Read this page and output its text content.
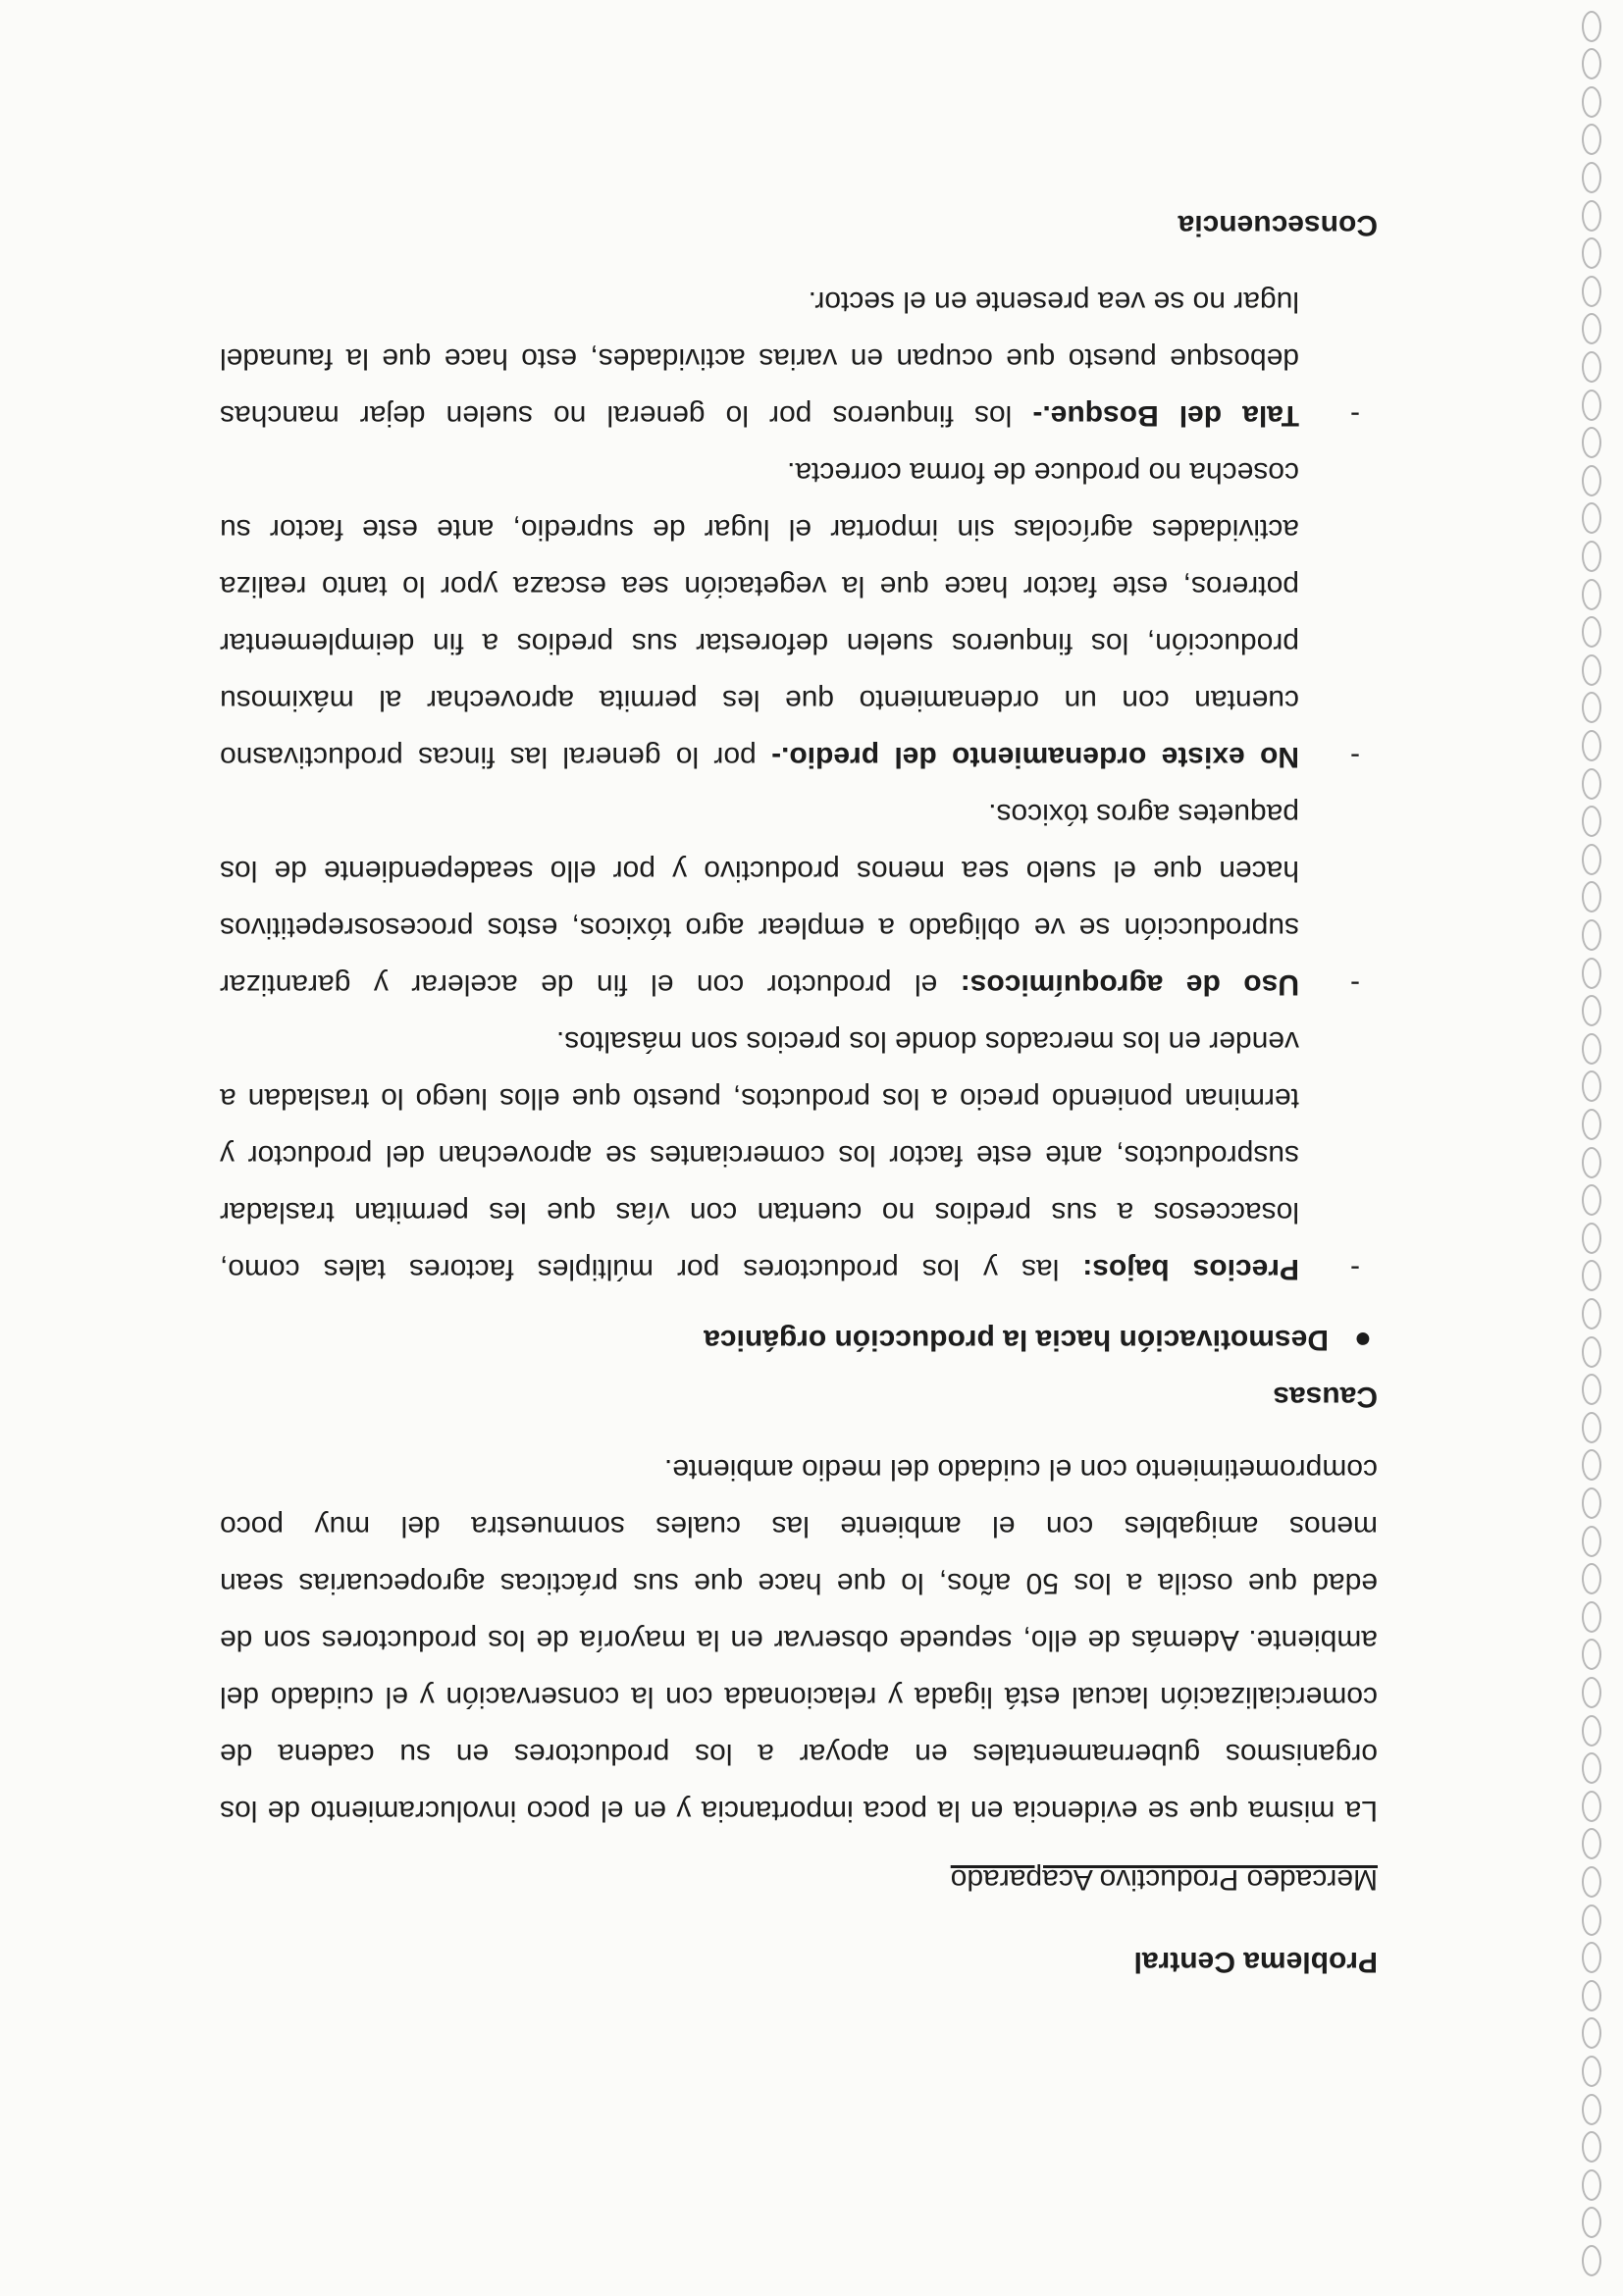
Problema Central

Mercadeo Productivo Acaparado

La misma que se evidencia en la poca importancia y en el poco involucramiento de los organismos gubernamentales en apoyar a los productores en su cadena de comercialización lacual está ligada y relacionada con la conservación y el cuidado del ambiente. Además de ello, sepuede observar en la mayoría de los productores son de edad que oscila a los 50 años, lo que hace que sus prácticas agropecuarias sean menos amigables con el ambiente las cuales sonmuestra del muy poco comprometimiento con el cuidado del medio ambiente.

Causas

●
Desmotivación hacia la producción orgánica
-

Precios bajos: las y los productores por múltiples factores tales como, losaccesos a sus predios no cuentan con vías que les permitan trasladar susproductos, ante este factor los comerciantes se aprovechan del productor y terminan poniendo precio a los productos, puesto que ellos luego lo trasladan a vender en los mercados donde los precios son másaltos.

-

Uso de agroquímicos: el productor con el fin de acelerar y garantizar suproducción se ve obligado a emplear agro tóxicos, estos procesosrepetitivos hacen que el suelo sea menos productivo y por ello seadependiente de los paquetes agros tóxicos.

-

No existe ordenamiento del predio.- por lo general las fincas productivasno cuentan con un ordenamiento que les permita aprovechar al máximosu producción, los finqueros suelen deforestar sus predios a fin deimplementar potreros, este factor hace que la vegetación sea escaza ypor lo tanto realiza actividades agrícolas sin importar el lugar de supredio, ante este factor su cosecha no produce de forma correcta.

-

Tala del Bosque.- los finqueros por lo general no suelen dejar manchas debosque puesto que ocupan en varias actividades, esto hace que la faunadel lugar no se vea presente en el sector.

Consecuencia
